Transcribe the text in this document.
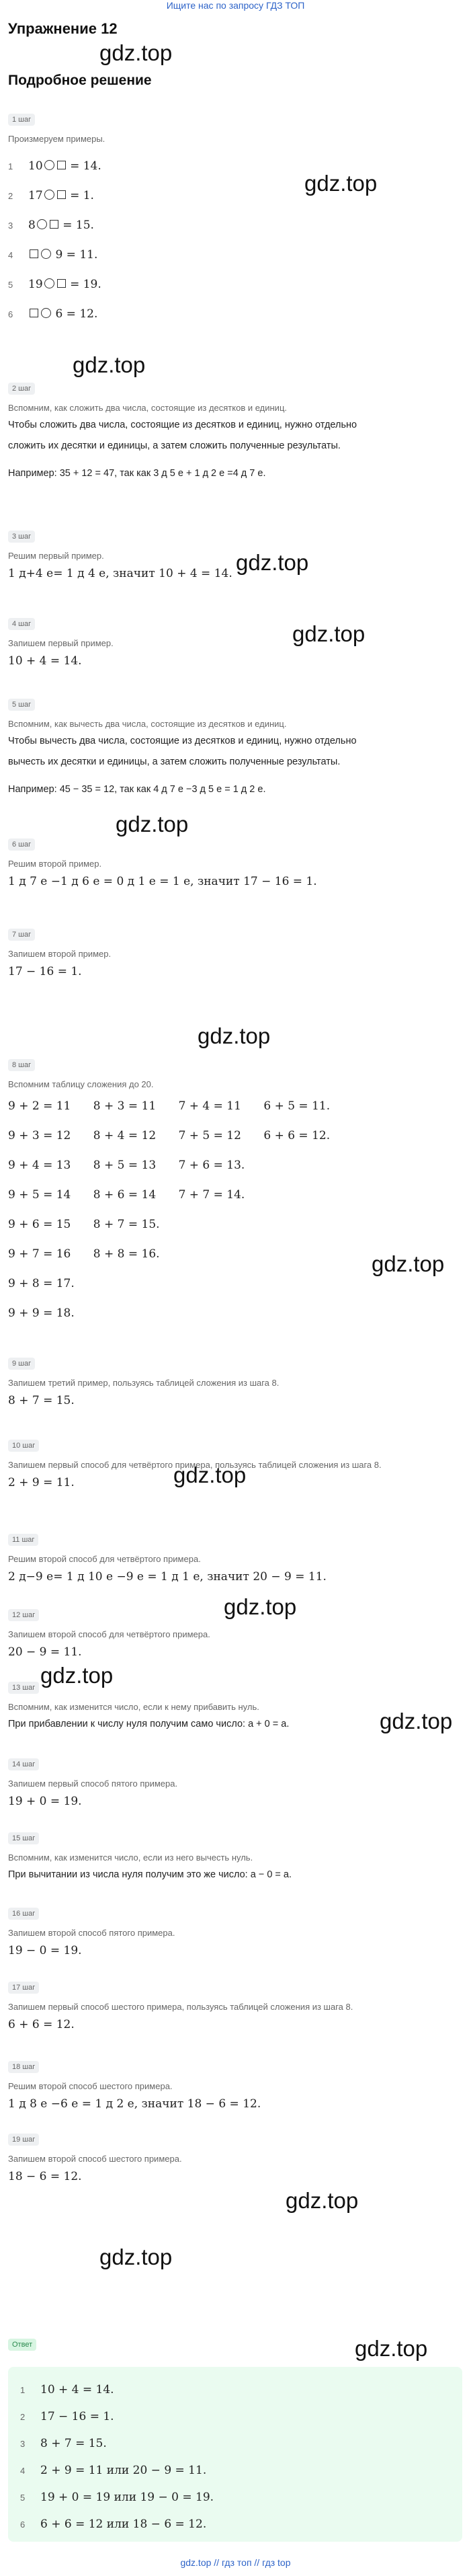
Ищите нас по запросу ГДЗ ТОП
Упражнение 12
Подробное решение
gdz.top
gdz.top
gdz.top
gdz.top
gdz.top
gdz.top
gdz.top
gdz.top
gdz.top
gdz.top
gdz.top
gdz.top
gdz.top
gdz.top
gdz.top
1 шаг
Произмеруем примеры.
1 10 = 14.
2 17 = 1.
3 8 = 15.
4	9 = 11.
5 19 = 19.
6	6 = 12.
2 шаг
Вспомним, как сложить два числа, состоящие из десятков и единиц.
Чтобы сложить два числа, состоящие из десятков и единиц, нужно отдельно
сложить их десятки и единицы, а затем сложить полученные результаты.
Например: 35 + 12 = 47, так как 3 д 5 е + 1 д 2 е =4 д 7 е.
3 шаг
Решим первый пример.
1 д+4 е= 1 д 4 е, значит 10 + 4 = 14.
4 шаг
Запишем первый пример.
10 + 4 = 14.
5 шаг
Вспомним, как вычесть два числа, состоящие из десятков и единиц.
Чтобы вычесть два числа, состоящие из десятков и единиц, нужно отдельно
вычесть их десятки и единицы, а затем сложить полученные результаты.
Например: 45 − 35 = 12, так как 4 д 7 е −3 д 5 е = 1 д 2 е.
6 шаг
Решим второй пример.
1 д 7 е −1 д 6 е = 0 д 1 е = 1 е, значит 17 − 16 = 1.
7 шаг
Запишем второй пример.
17 − 16 = 1.
8 шаг
Вспомним таблицу сложения до 20.
9 + 2 = 11	8 + 3 = 11	7 + 4 = 11	6 + 5 = 11.
9 + 3 = 12	8 + 4 = 12	7 + 5 = 12	6 + 6 = 12.
9 + 4 = 13	8 + 5 = 13	7 + 6 = 13.	
9 + 5 = 14	8 + 6 = 14	7 + 7 = 14.	
9 + 6 = 15	8 + 7 = 15.		
9 + 7 = 16	8 + 8 = 16.		
9 + 8 = 17.			
9 + 9 = 18.			
9 шаг
Запишем третий пример, пользуясь таблицей сложения из шага 8.
8 + 7 = 15.
10 шаг
Запишем первый способ для четвёртого примера, пользуясь таблицей сложения из шага 8.
2 + 9 = 11.
11 шаг
Решим второй способ для четвёртого примера.
2 д−9 е= 1 д 10 е −9 е = 1 д 1 е, значит 20 − 9 = 11.
12 шаг
Запишем второй способ для четвёртого примера.
20 − 9 = 11.
13 шаг
Вспомним, как изменится число, если к нему прибавить нуль.
При прибавлении к числу нуля получим само число: a + 0 = a.
14 шаг
Запишем первый способ пятого примера.
19 + 0 = 19.
15 шаг
Вспомним, как изменится число, если из него вычесть нуль.
При вычитании из числа нуля получим это же число: a − 0 = a.
16 шаг
Запишем второй способ пятого примера.
19 − 0 = 19.
17 шаг
Запишем первый способ шестого примера, пользуясь таблицей сложения из шага 8.
6 + 6 = 12.
18 шаг
Решим второй способ шестого примера.
1 д 8 е −6 е = 1 д 2 е, значит 18 − 6 = 12.
19 шаг
Запишем второй способ шестого примера.
18 − 6 = 12.
Ответ
1 10 + 4 = 14.
2 17 − 16 = 1.
3 8 + 7 = 15.
4 2 + 9 = 11 или 20 − 9 = 11.
5 19 + 0 = 19 или 19 − 0 = 19.
6 6 + 6 = 12 или 18 − 6 = 12.
gdz.top // гдз топ // гдз top
